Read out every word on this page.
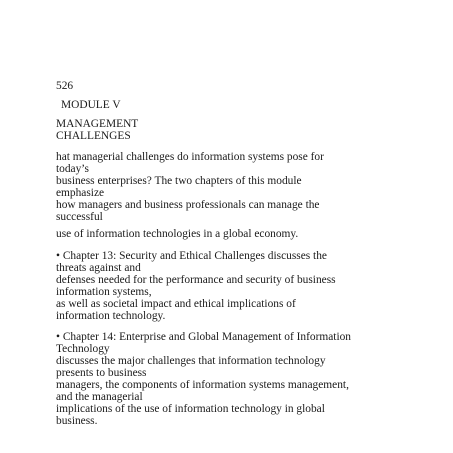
526

MODULE V

MANAGEMENT

CHALLENGES

hat managerial challenges do information systems pose for

today’s

business enterprises? The two chapters of this module

emphasize

how managers and business professionals can manage the

successful

use of information technologies in a global economy.

• Chapter 13: Security and Ethical Challenges discusses the

threats against and

defenses needed for the performance and security of business

information systems,

as well as societal impact and ethical implications of

information technology.

• Chapter 14: Enterprise and Global Management of Information

Technology

discusses the major challenges that information technology

presents to business

managers, the components of information systems management,

and the managerial

implications of the use of information technology in global

business.
